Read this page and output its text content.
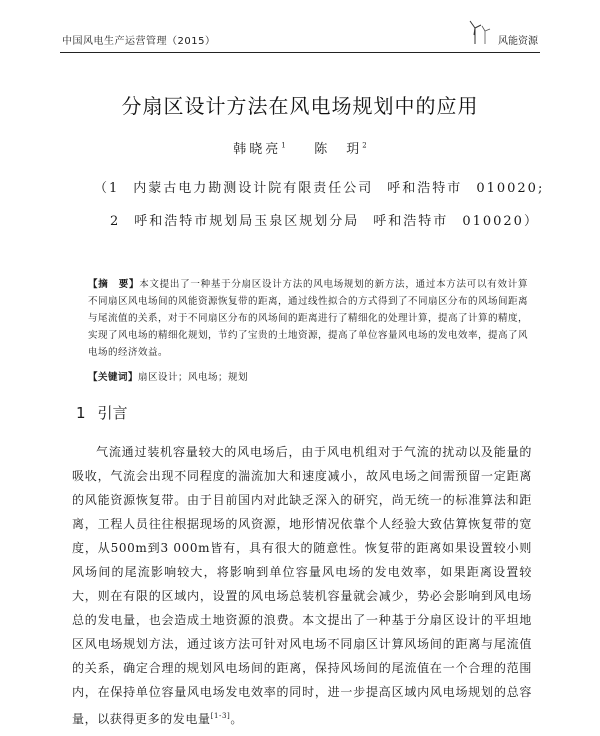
中国风电生产运营管理（2015）	风能资源
分扇区设计方法在风电场规划中的应用
韩晓亮$^1$ 陈　玥$^2$
（1 内蒙古电力勘测设计院有限责任公司 呼和浩特市 010020;
2 呼和浩特市规划局玉泉区规划分局 呼和浩特市 010020）
【摘　要】本文提出了一种基于分扇区设计方法的风电场规划的新方法，通过本方法可以有效计算不同扇区风电场间的风能资源恢复带的距离，通过线性拟合的方式得到了不同扇区分布的风场间距离与尾流值的关系，对于不同扇区分布的风场间的距离进行了精细化的处理计算，提高了计算的精度，实现了风电场的精细化规划，节约了宝贵的土地资源，提高了单位容量风电场的发电效率，提高了风电场的经济效益。
【关键词】扇区设计；风电场；规划
1 引言

气流通过装机容量较大的风电场后，由于风电机组对于气流的扰动以及能量的吸收，气流会出现不同程度的湍流加大和速度减小，故风电场之间需预留一定距离的风能资源恢复带。由于目前国内对此缺乏深入的研究，尚无统一的标准算法和距离，工程人员往往根据现场的风资源，地形情况依靠个人经验大致估算恢复带的宽度，从500m到3 000m皆有，具有很大的随意性。恢复带的距离如果设置较小则风场间的尾流影响较大，将影响到单位容量风电场的发电效率，如果距离设置较大，则在有限的区域内，设置的风电场总装机容量就会减少，势必会影响到风电场总的发电量，也会造成土地资源的浪费。本文提出了一种基于分扇区设计的平坦地区风电场规划方法，通过该方法可针对风电场不同扇区计算风场间的距离与尾流值的关系，确定合理的规划风电场间的距离，保持风场间的尾流值在一个合理的范围内，在保持单位容量风电场发电效率的同时，进一步提高区域内风电场规划的总容量，以获得更多的发电量[1-3]。
